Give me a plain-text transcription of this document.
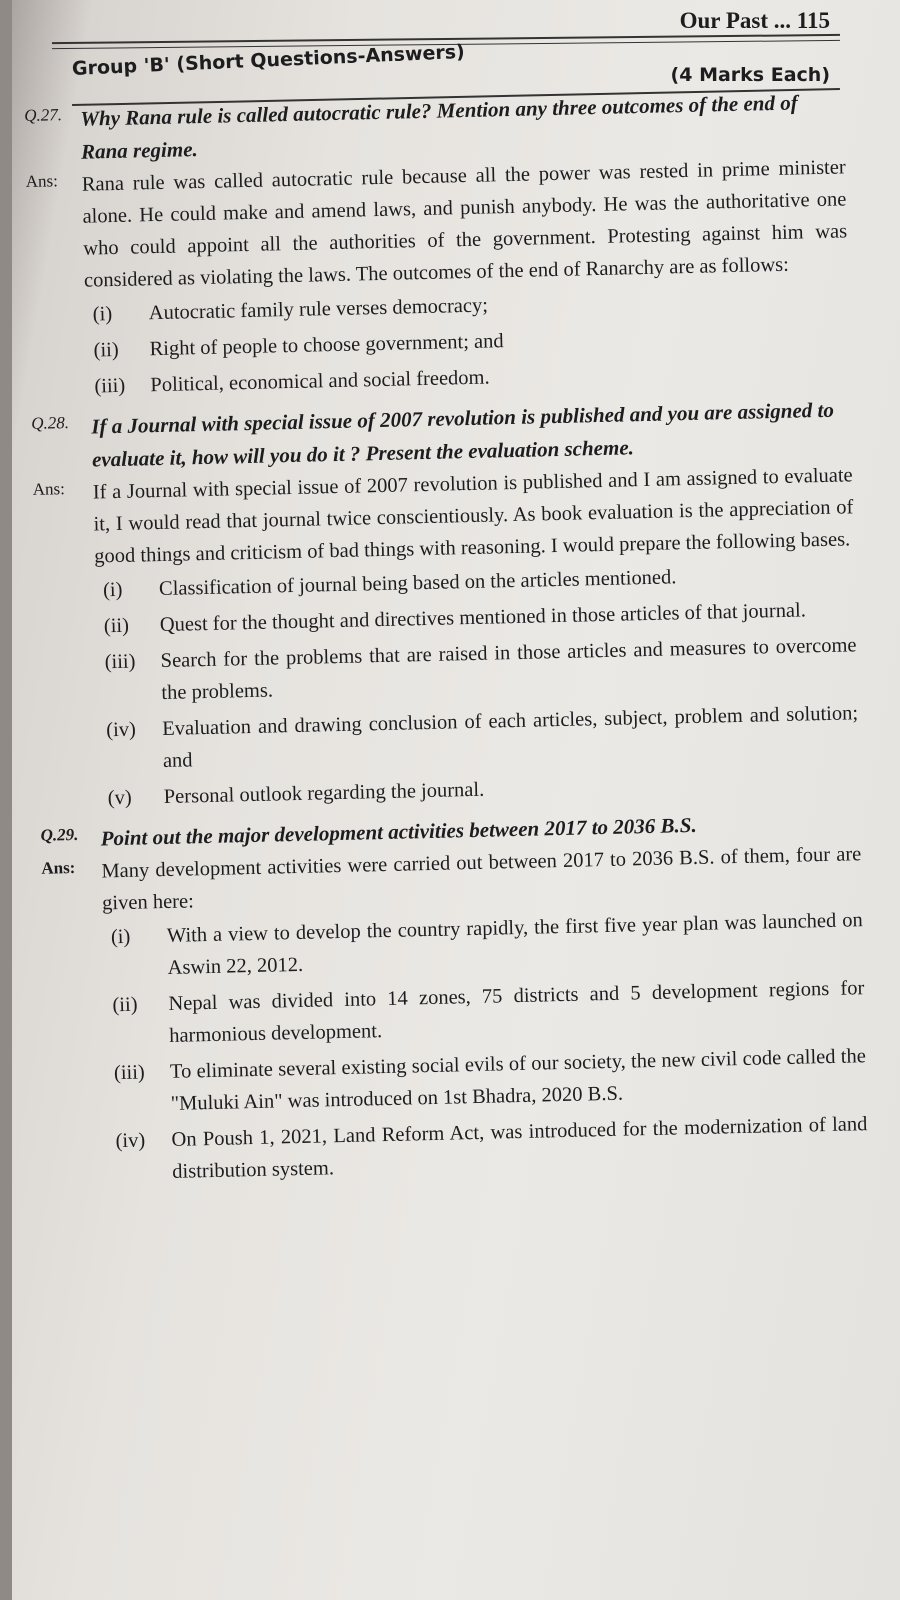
Our Past ... 115
Group 'B' (Short Questions-Answers)	(4 Marks Each)
Q.27. Why Rana rule is called autocratic rule? Mention any three outcomes of the end of Rana regime.
Ans:	Rana rule was called autocratic rule because all the power was rested in prime minister alone. He could make and amend laws, and punish anybody. He was the authoritative one who could appoint all the authorities of the government. Protesting against him was considered as violating the laws. The outcomes of the end of Ranarchy are as follows:
(i) Autocratic family rule verses democracy;
(ii) Right of people to choose government; and
(iii) Political, economical and social freedom.
Q.28.	If a Journal with special issue of 2007 revolution is published and you are assigned to evaluate it, how will you do it ? Present the evaluation scheme.
Ans:	If a Journal with special issue of 2007 revolution is published and I am assigned to evaluate it, I would read that journal twice conscientiously. As book evaluation is the appreciation of good things and criticism of bad things with reasoning. I would prepare the following bases.
(i) Classification of journal being based on the articles mentioned.
(ii) Quest for the thought and directives mentioned in those articles of that journal.
(iii) Search for the problems that are raised in those articles and measures to overcome the problems.
(iv) Evaluation and drawing conclusion of each articles, subject, problem and solution; and
(v) Personal outlook regarding the journal.
Q.29.	Point out the major development activities between 2017 to 2036 B.S.
Ans:	Many development activities were carried out between 2017 to 2036 B.S. of them, four are given here:
(i) With a view to develop the country rapidly, the first five year plan was launched on Aswin 22, 2012.
(ii) Nepal was divided into 14 zones, 75 districts and 5 development regions for harmonious development.
(iii) To eliminate several existing social evils of our society, the new civil code called the "Muluki Ain" was introduced on 1st Bhadra, 2020 B.S.
(iv) On Poush 1, 2021, Land Reform Act, was introduced for the modernization of land distribution system.
